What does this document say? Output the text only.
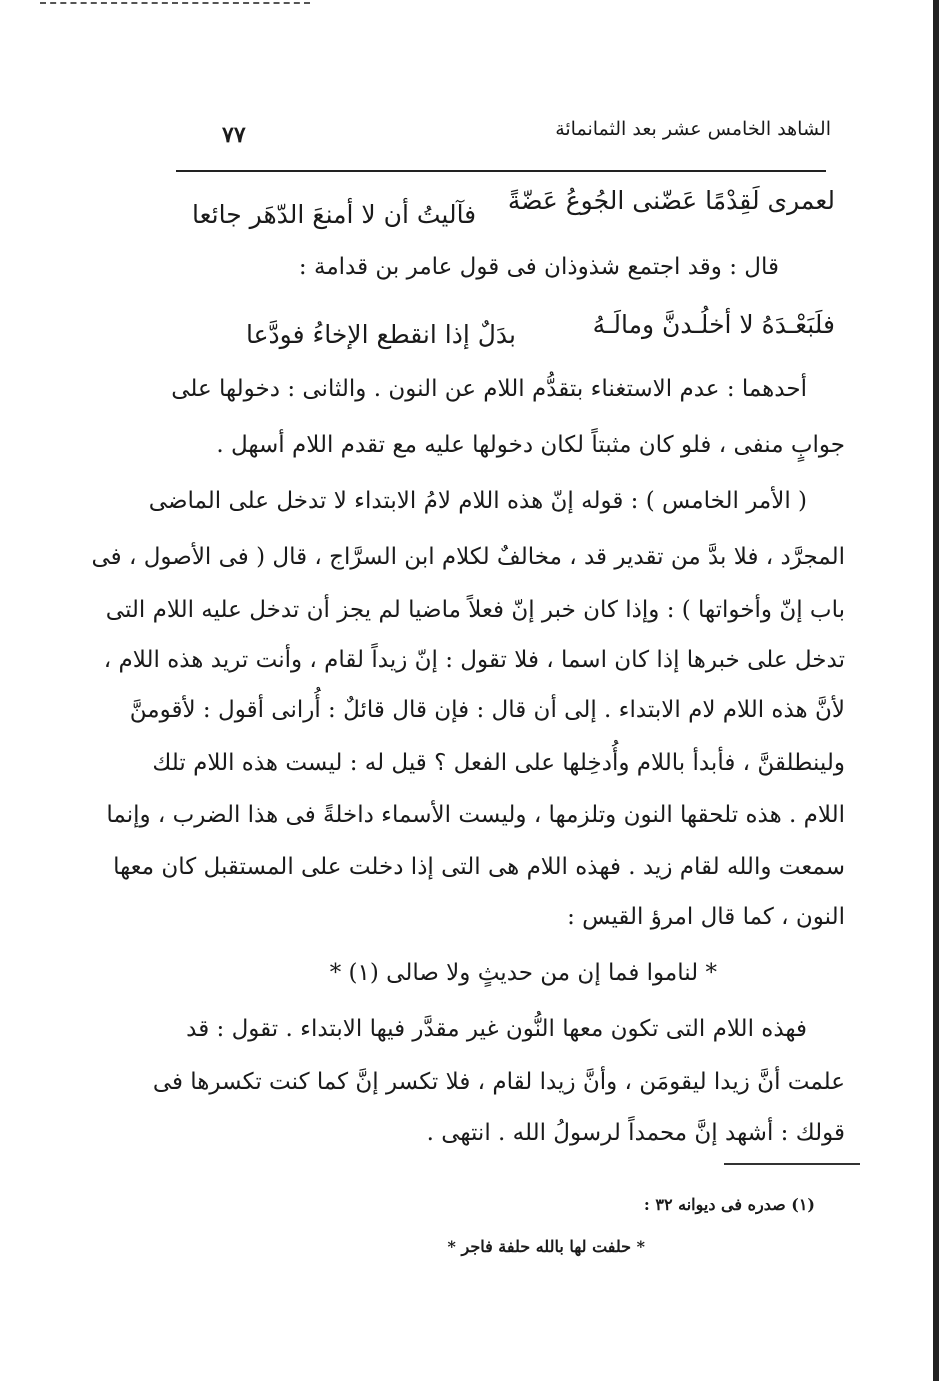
الشاهد الخامس عشر بعد الثمانمائة
٧٧
لعمرى لَقِدْمًا عَضّنى الجُوعُ عَضّةً
فآليتُ أن لا أمنعَ الدّهَر جائعا
قال : وقد اجتمع شذوذان فى قول عامر بن قدامة :
فلَبَعْـدَهُ لا أخلُـدنَّ ومالَـهُ
بدَلٌ إذا انقطع الإخاءُ فودَّعا
أحدهما : عدم الاستغناء بتقدُّم اللام عن النون . والثانى : دخولها على
جوابٍ منفى ، فلو كان مثبتاً لكان دخولها عليه مع تقدم اللام أسهل .
( الأمر الخامس ) : قوله إنّ هذه اللام لامُ الابتداء لا تدخل على الماضى
المجرَّد ، فلا بدَّ من تقدير قد ، مخالفٌ لكلام ابن السرَّاج ، قال ( فى الأصول ، فى
باب إنّ وأخواتها ) : وإذا كان خبر إنّ فعلاً ماضيا لم يجز أن تدخل عليه اللام التى
تدخل على خبرها إذا كان اسما ، فلا تقول : إنّ زيداً لقام ، وأنت تريد هذه اللام ،
لأنَّ هذه اللام لام الابتداء . إلى أن قال : فإن قال قائلٌ : أُرانى أقول : لأقومنَّ
ولينطلقنَّ ، فأبدأ باللام وأُدخِلها على الفعل ؟ قيل له : ليست هذه اللام تلك
اللام . هذه تلحقها النون وتلزمها ، وليست الأسماء داخلةً فى هذا الضرب ، وإنما
سمعت والله لقام زيد . فهذه اللام هى التى إذا دخلت على المستقبل كان معها
النون ، كما قال امرؤ القيس :
* لناموا فما إن من حديثٍ ولا صالى (١) *
فهذه اللام التى تكون معها النُّون غير مقدَّر فيها الابتداء . تقول : قد
علمت أنَّ زيدا ليقومَن ، وأنَّ زيدا لقام ، فلا تكسر إنَّ كما كنت تكسرها فى
قولك : أشهد إنَّ محمداً لرسولُ الله . انتهى .
(١) صدره فى ديوانه ٣٢ :
* حلفت لها بالله حلفة فاجر *
